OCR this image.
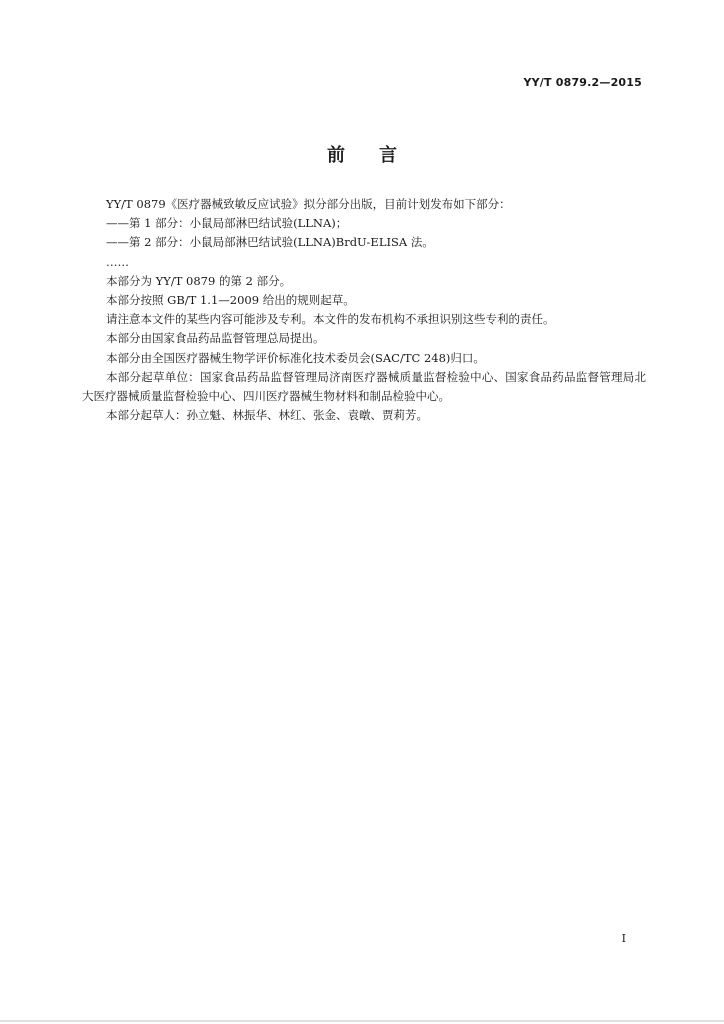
YY/T 0879.2—2015
前言

YY/T 0879《医疗器械致敏反应试验》拟分部分出版，目前计划发布如下部分：

——第 1 部分：小鼠局部淋巴结试验(LLNA)；

——第 2 部分：小鼠局部淋巴结试验(LLNA)BrdU-ELISA 法。

……

本部分为 YY/T 0879 的第 2 部分。

本部分按照 GB/T 1.1—2009 给出的规则起草。

请注意本文件的某些内容可能涉及专利。本文件的发布机构不承担识别这些专利的责任。

本部分由国家食品药品监督管理总局提出。

本部分由全国医疗器械生物学评价标准化技术委员会(SAC/TC 248)归口。

本部分起草单位：国家食品药品监督管理局济南医疗器械质量监督检验中心、国家食品药品监督管理局北大医疗器械质量监督检验中心、四川医疗器械生物材料和制品检验中心。

本部分起草人：孙立魁、林振华、林红、张金、袁暾、贾莉芳。

I
